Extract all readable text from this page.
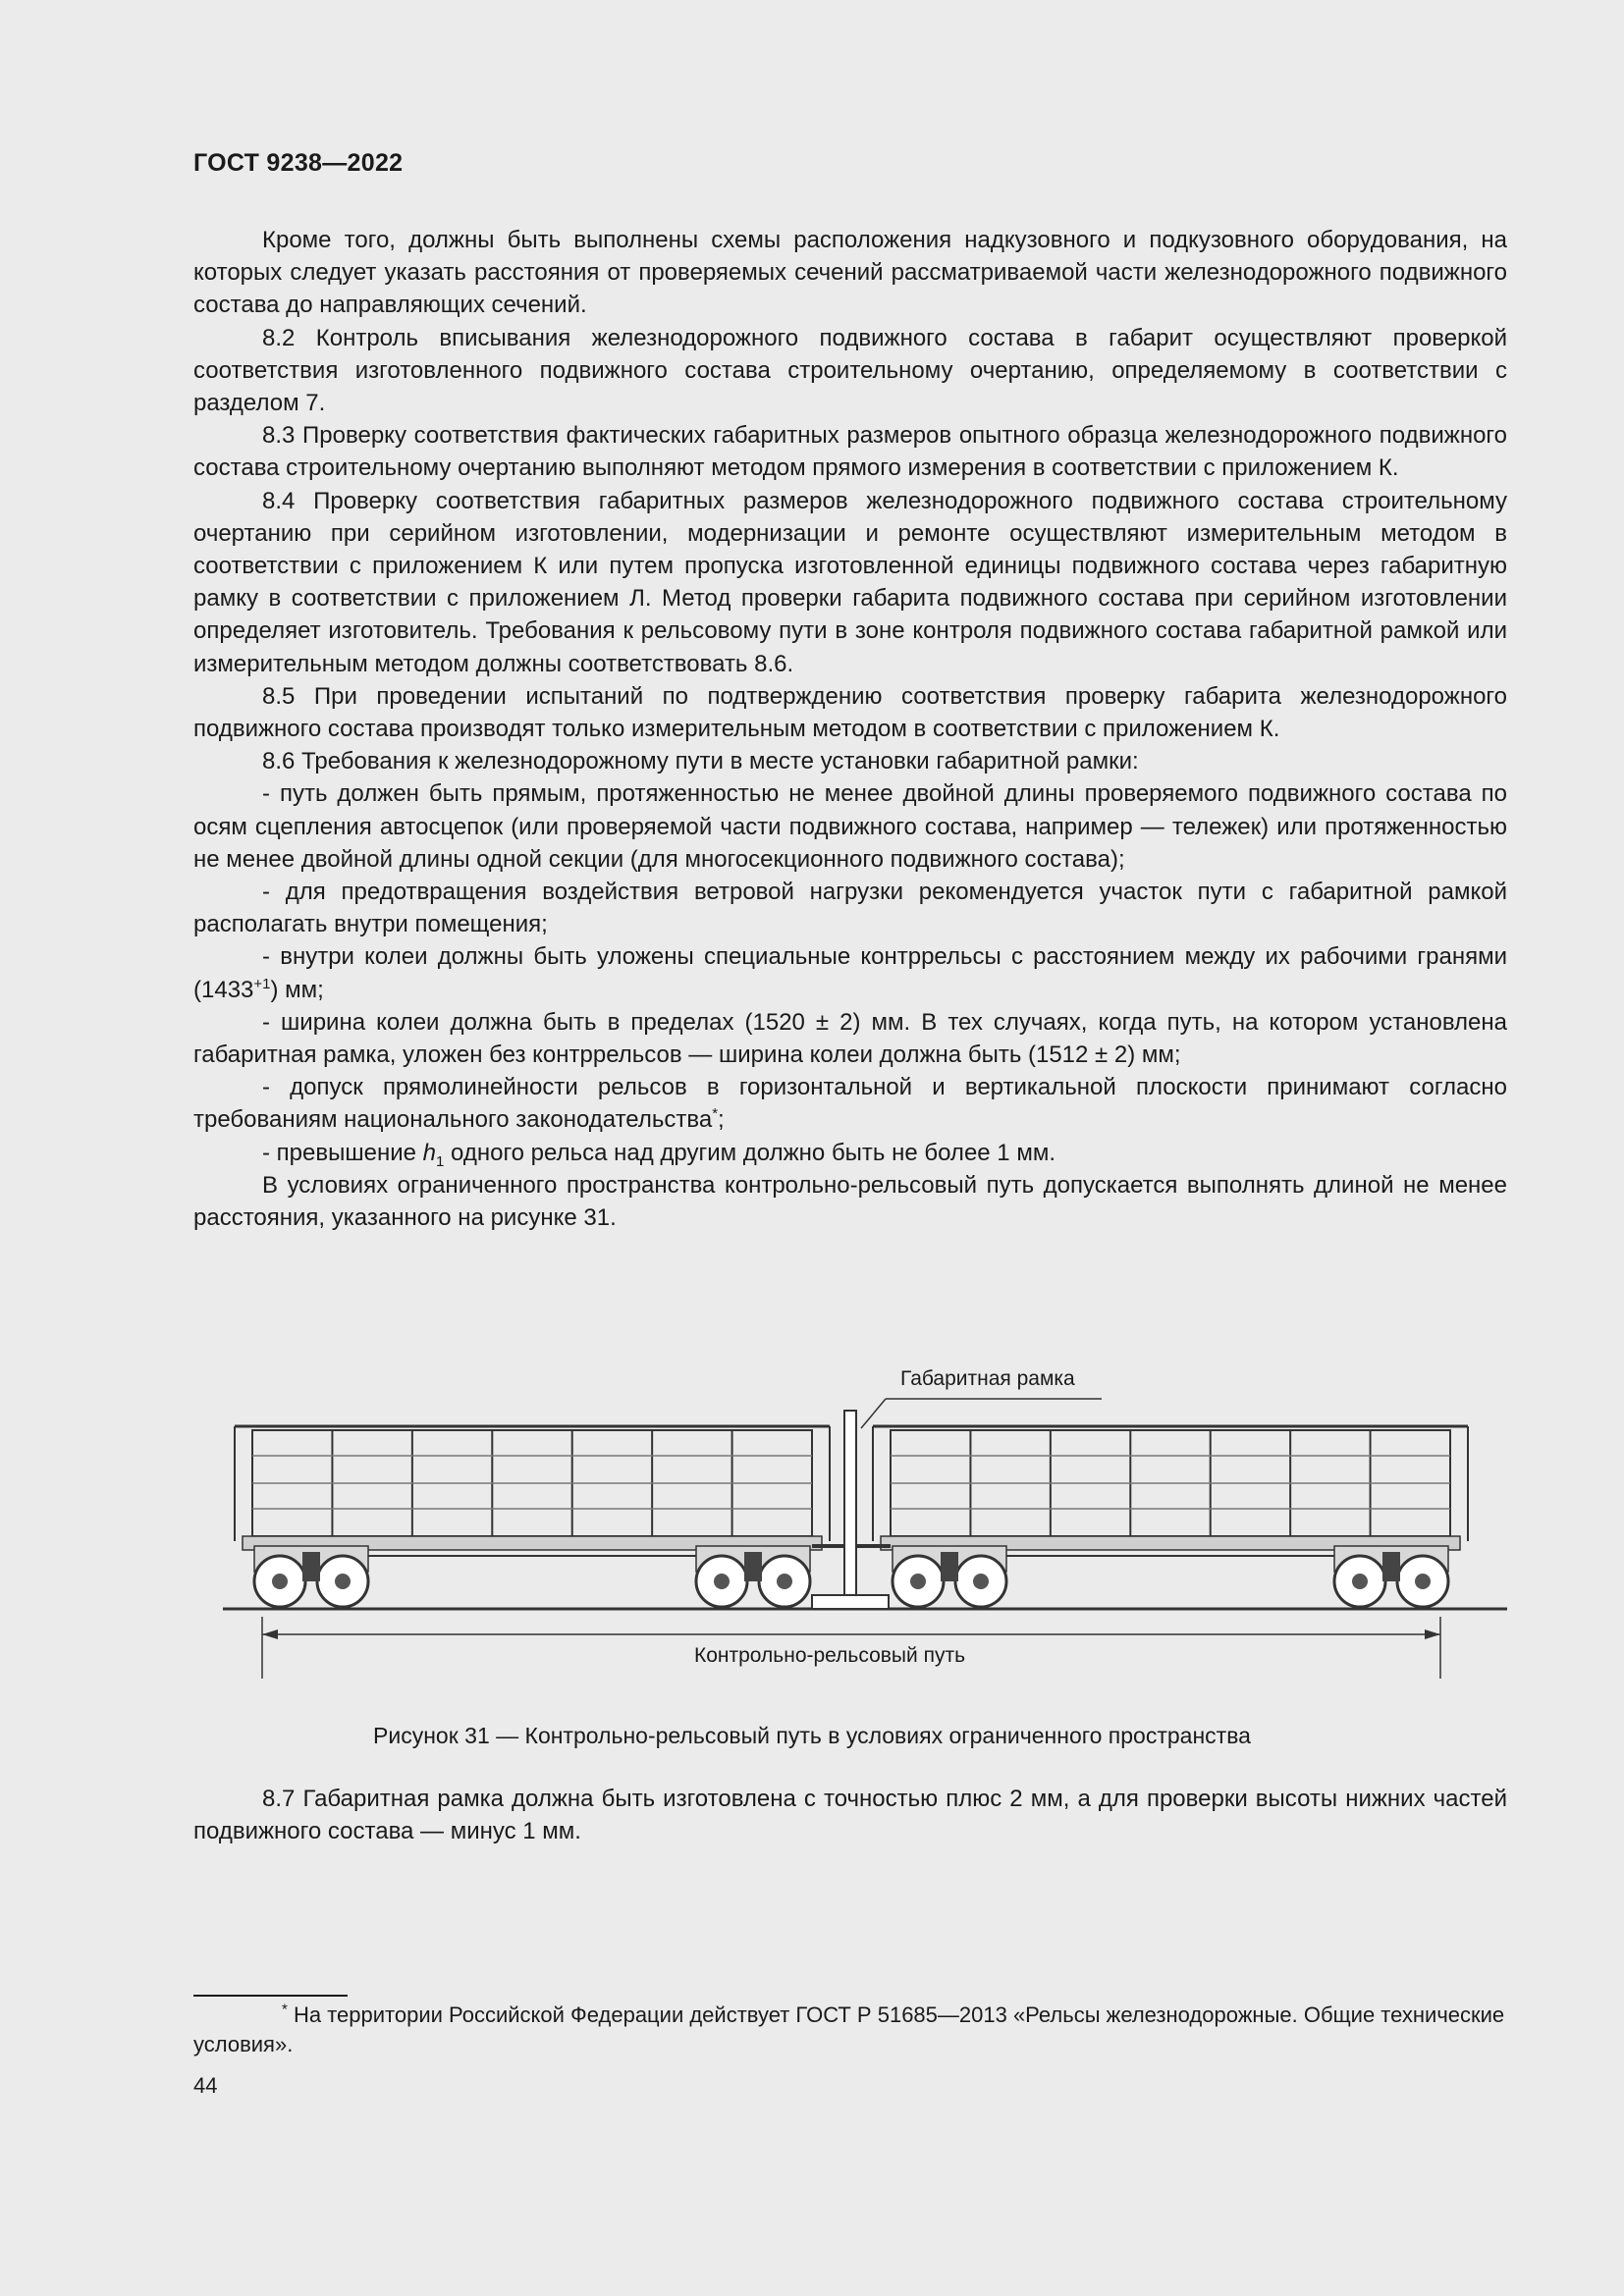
ГОСТ 9238—2022

Кроме того, должны быть выполнены схемы расположения надкузовного и подкузовного оборудования, на которых следует указать расстояния от проверяемых сечений рассматриваемой части железнодорожного подвижного состава до направляющих сечений.

8.2 Контроль вписывания железнодорожного подвижного состава в габарит осуществляют проверкой соответствия изготовленного подвижного состава строительному очертанию, определяемому в соответствии с разделом 7.

8.3 Проверку соответствия фактических габаритных размеров опытного образца железнодорожного подвижного состава строительному очертанию выполняют методом прямого измерения в соответствии с приложением К.

8.4 Проверку соответствия габаритных размеров железнодорожного подвижного состава строительному очертанию при серийном изготовлении, модернизации и ремонте осуществляют измерительным методом в соответствии с приложением К или путем пропуска изготовленной единицы подвижного состава через габаритную рамку в соответствии с приложением Л. Метод проверки габарита подвижного состава при серийном изготовлении определяет изготовитель. Требования к рельсовому пути в зоне контроля подвижного состава габаритной рамкой или измерительным методом должны соответствовать 8.6.

8.5 При проведении испытаний по подтверждению соответствия проверку габарита железнодорожного подвижного состава производят только измерительным методом в соответствии с приложением К.

8.6 Требования к железнодорожному пути в месте установки габаритной рамки:

- путь должен быть прямым, протяженностью не менее двойной длины проверяемого подвижного состава по осям сцепления автосцепок (или проверяемой части подвижного состава, например — тележек) или протяженностью не менее двойной длины одной секции (для многосекционного подвижного состава);

- для предотвращения воздействия ветровой нагрузки рекомендуется участок пути с габаритной рамкой располагать внутри помещения;

- внутри колеи должны быть уложены специальные контррельсы с расстоянием между их рабочими гранями $(1433^{+1})$ мм;

- ширина колеи должна быть в пределах (1520 ± 2) мм. В тех случаях, когда путь, на котором установлена габаритная рамка, уложен без контррельсов — ширина колеи должна быть (1512 ± 2) мм;

- допуск прямолинейности рельсов в горизонтальной и вертикальной плоскости принимают согласно требованиям национального законодательства*;

- превышение $h_1$ одного рельса над другим должно быть не более 1 мм.

В условиях ограниченного пространства контрольно-рельсовый путь допускается выполнять длиной не менее расстояния, указанного на рисунке 31.

Габаритная рамка
Контрольно-рельсовый путь
Рисунок 31 — Контрольно-рельсовый путь в условиях ограниченного пространства

8.7 Габаритная рамка должна быть изготовлена с точностью плюс 2 мм, а для проверки высоты нижних частей подвижного состава — минус 1 мм.

* На территории Российской Федерации действует ГОСТ Р 51685—2013 «Рельсы железнодорожные. Общие технические условия».

44
